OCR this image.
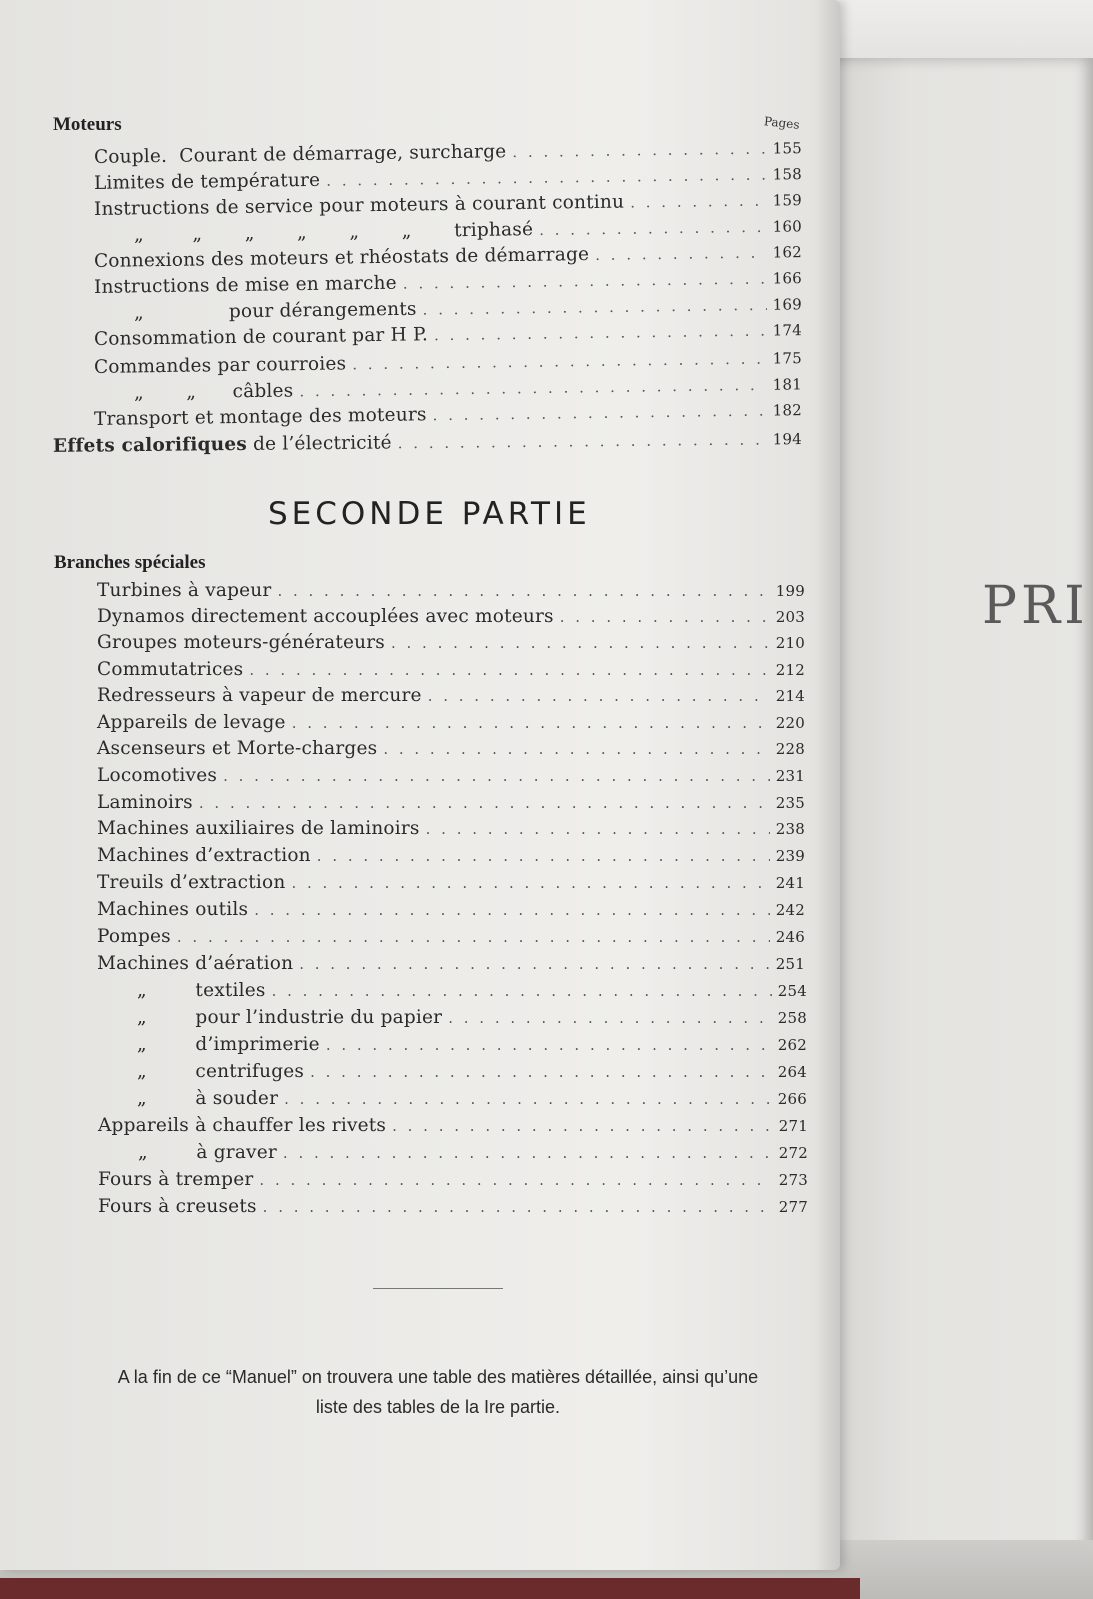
PRI
Pages
Moteurs
Couple.  Courant de démarrage, surcharge . . .	155
Limites de température . . .	158
Instructions de service pour moteurs à courant continu . . .	159
„        „       „       „       „       „       triphasé . . .	160
Connexions des moteurs et rhéostats de démarrage . . .	162
Instructions de mise en marche . . .	166
„              pour dérangements . . .	169
Consommation de courant par H P. . . .	174
Commandes par courroies . . .	175
„       „      câbles . . .	181
Transport et montage des moteurs . . .	182
Effets calorifiques de l’électricité . . .	194
SECONDE PARTIE
Branches spéciales
Turbines à vapeur . . .	199
Dynamos directement accouplées avec moteurs . . .	203
Groupes moteurs-générateurs . . .	210
Commutatrices . . .	212
Redresseurs à vapeur de mercure . . .	214
Appareils de levage . . .	220
Ascenseurs et Morte-charges . . .	228
Locomotives . . .	231
Laminoirs . . .	235
Machines auxiliaires de laminoirs . . .	238
Machines d’extraction . . .	239
Treuils d’extraction . . .	241
Machines outils . . .	242
Pompes . . .	246
Machines d’aération . . .	251
„        textiles . . .	254
„        pour l’industrie du papier . . .	258
„        d’imprimerie . . .	262
„        centrifuges . . .	264
„        à souder . . .	266
Appareils à chauffer les rivets . . .	271
„        à graver . . .	272
Fours à tremper . . .	273
Fours à creusets . . .	277
A la fin de ce “Manuel” on trouvera une table des matières détaillée, ainsi qu’une
liste des tables de la Ire partie.
